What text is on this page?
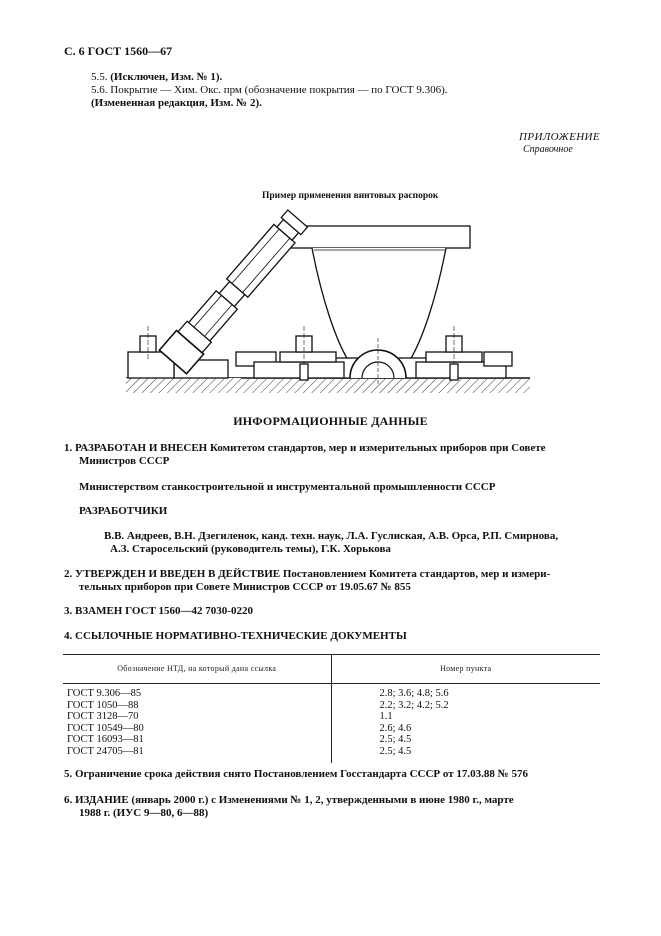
С. 6 ГОСТ 1560—67
5.5. (Исключен, Изм. № 1).
5.6. Покрытие — Хим. Окс. прм (обозначение покрытия — по ГОСТ 9.306).
(Измененная редакция, Изм. № 2).
ПРИЛОЖЕНИЕ
Справочное
Пример применения винтовых распорок
ИНФОРМАЦИОННЫЕ ДАННЫЕ
1. РАЗРАБОТАН И ВНЕСЕН Комитетом стандартов, мер и измерительных приборов при Совете
Министров СССР
Министерством станкостроительной и инструментальной промышленности СССР
РАЗРАБОТЧИКИ
В.В. Андреев, В.Н. Дзегиленок, канд. техн. наук, Л.А. Гуслиская, А.В. Орса, Р.П. Смирнова,
А.З. Старосельский (руководитель темы), Г.К. Хорькова
2. УТВЕРЖДЕН И ВВЕДЕН В ДЕЙСТВИЕ Постановлением Комитета стандартов, мер и измери-
тельных приборов при Совете Министров СССР от 19.05.67 № 855
3. ВЗАМЕН ГОСТ 1560—42 7030-0220
4. ССЫЛОЧНЫЕ НОРМАТИВНО-ТЕХНИЧЕСКИЕ ДОКУМЕНТЫ
Обозначение НТД, на который дана ссылка	Номер пункта
ГОСТ 9.306—85	2.8; 3.6; 4.8; 5.6
ГОСТ 1050—88	2.2; 3.2; 4.2; 5.2
ГОСТ 3128—70	1.1
ГОСТ 10549—80	2.6; 4.6
ГОСТ 16093—81	2.5; 4.5
ГОСТ 24705—81	2.5; 4.5
5. Ограничение срока действия снято Постановлением Госстандарта СССР от 17.03.88 № 576
6. ИЗДАНИЕ (январь 2000 г.) с Изменениями № 1, 2, утвержденными в июне 1980 г., марте
1988 г. (ИУС 9—80, 6—88)
